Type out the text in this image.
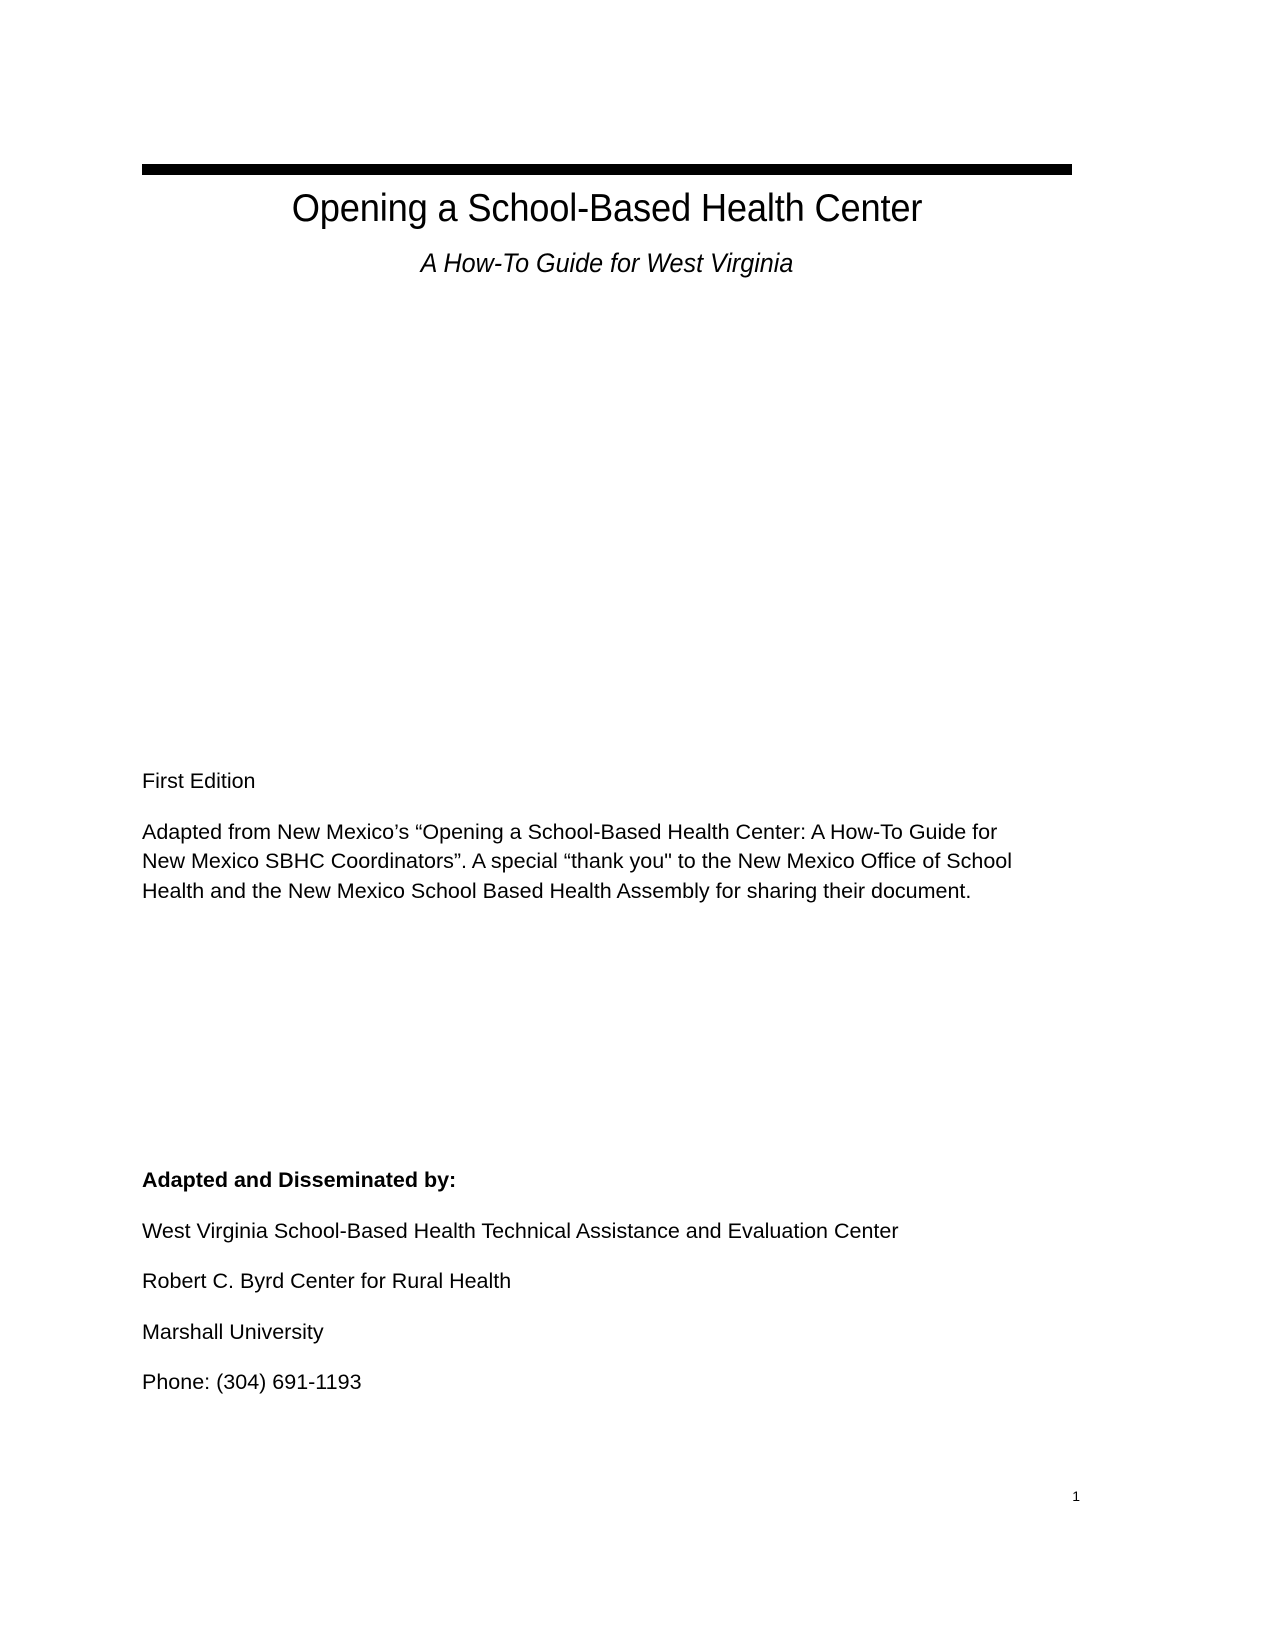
Opening a School-Based Health Center
A How-To Guide for West Virginia

First Edition

Adapted from New Mexico’s “Opening a School-Based Health Center: A How-To Guide for
New Mexico SBHC Coordinators”. A special “thank you" to the New Mexico Office of School
Health and the New Mexico School Based Health Assembly for sharing their document.

Adapted and Disseminated by:

West Virginia School-Based Health Technical Assistance and Evaluation Center

Robert C. Byrd Center for Rural Health

Marshall University

Phone: (304) 691-1193

1
